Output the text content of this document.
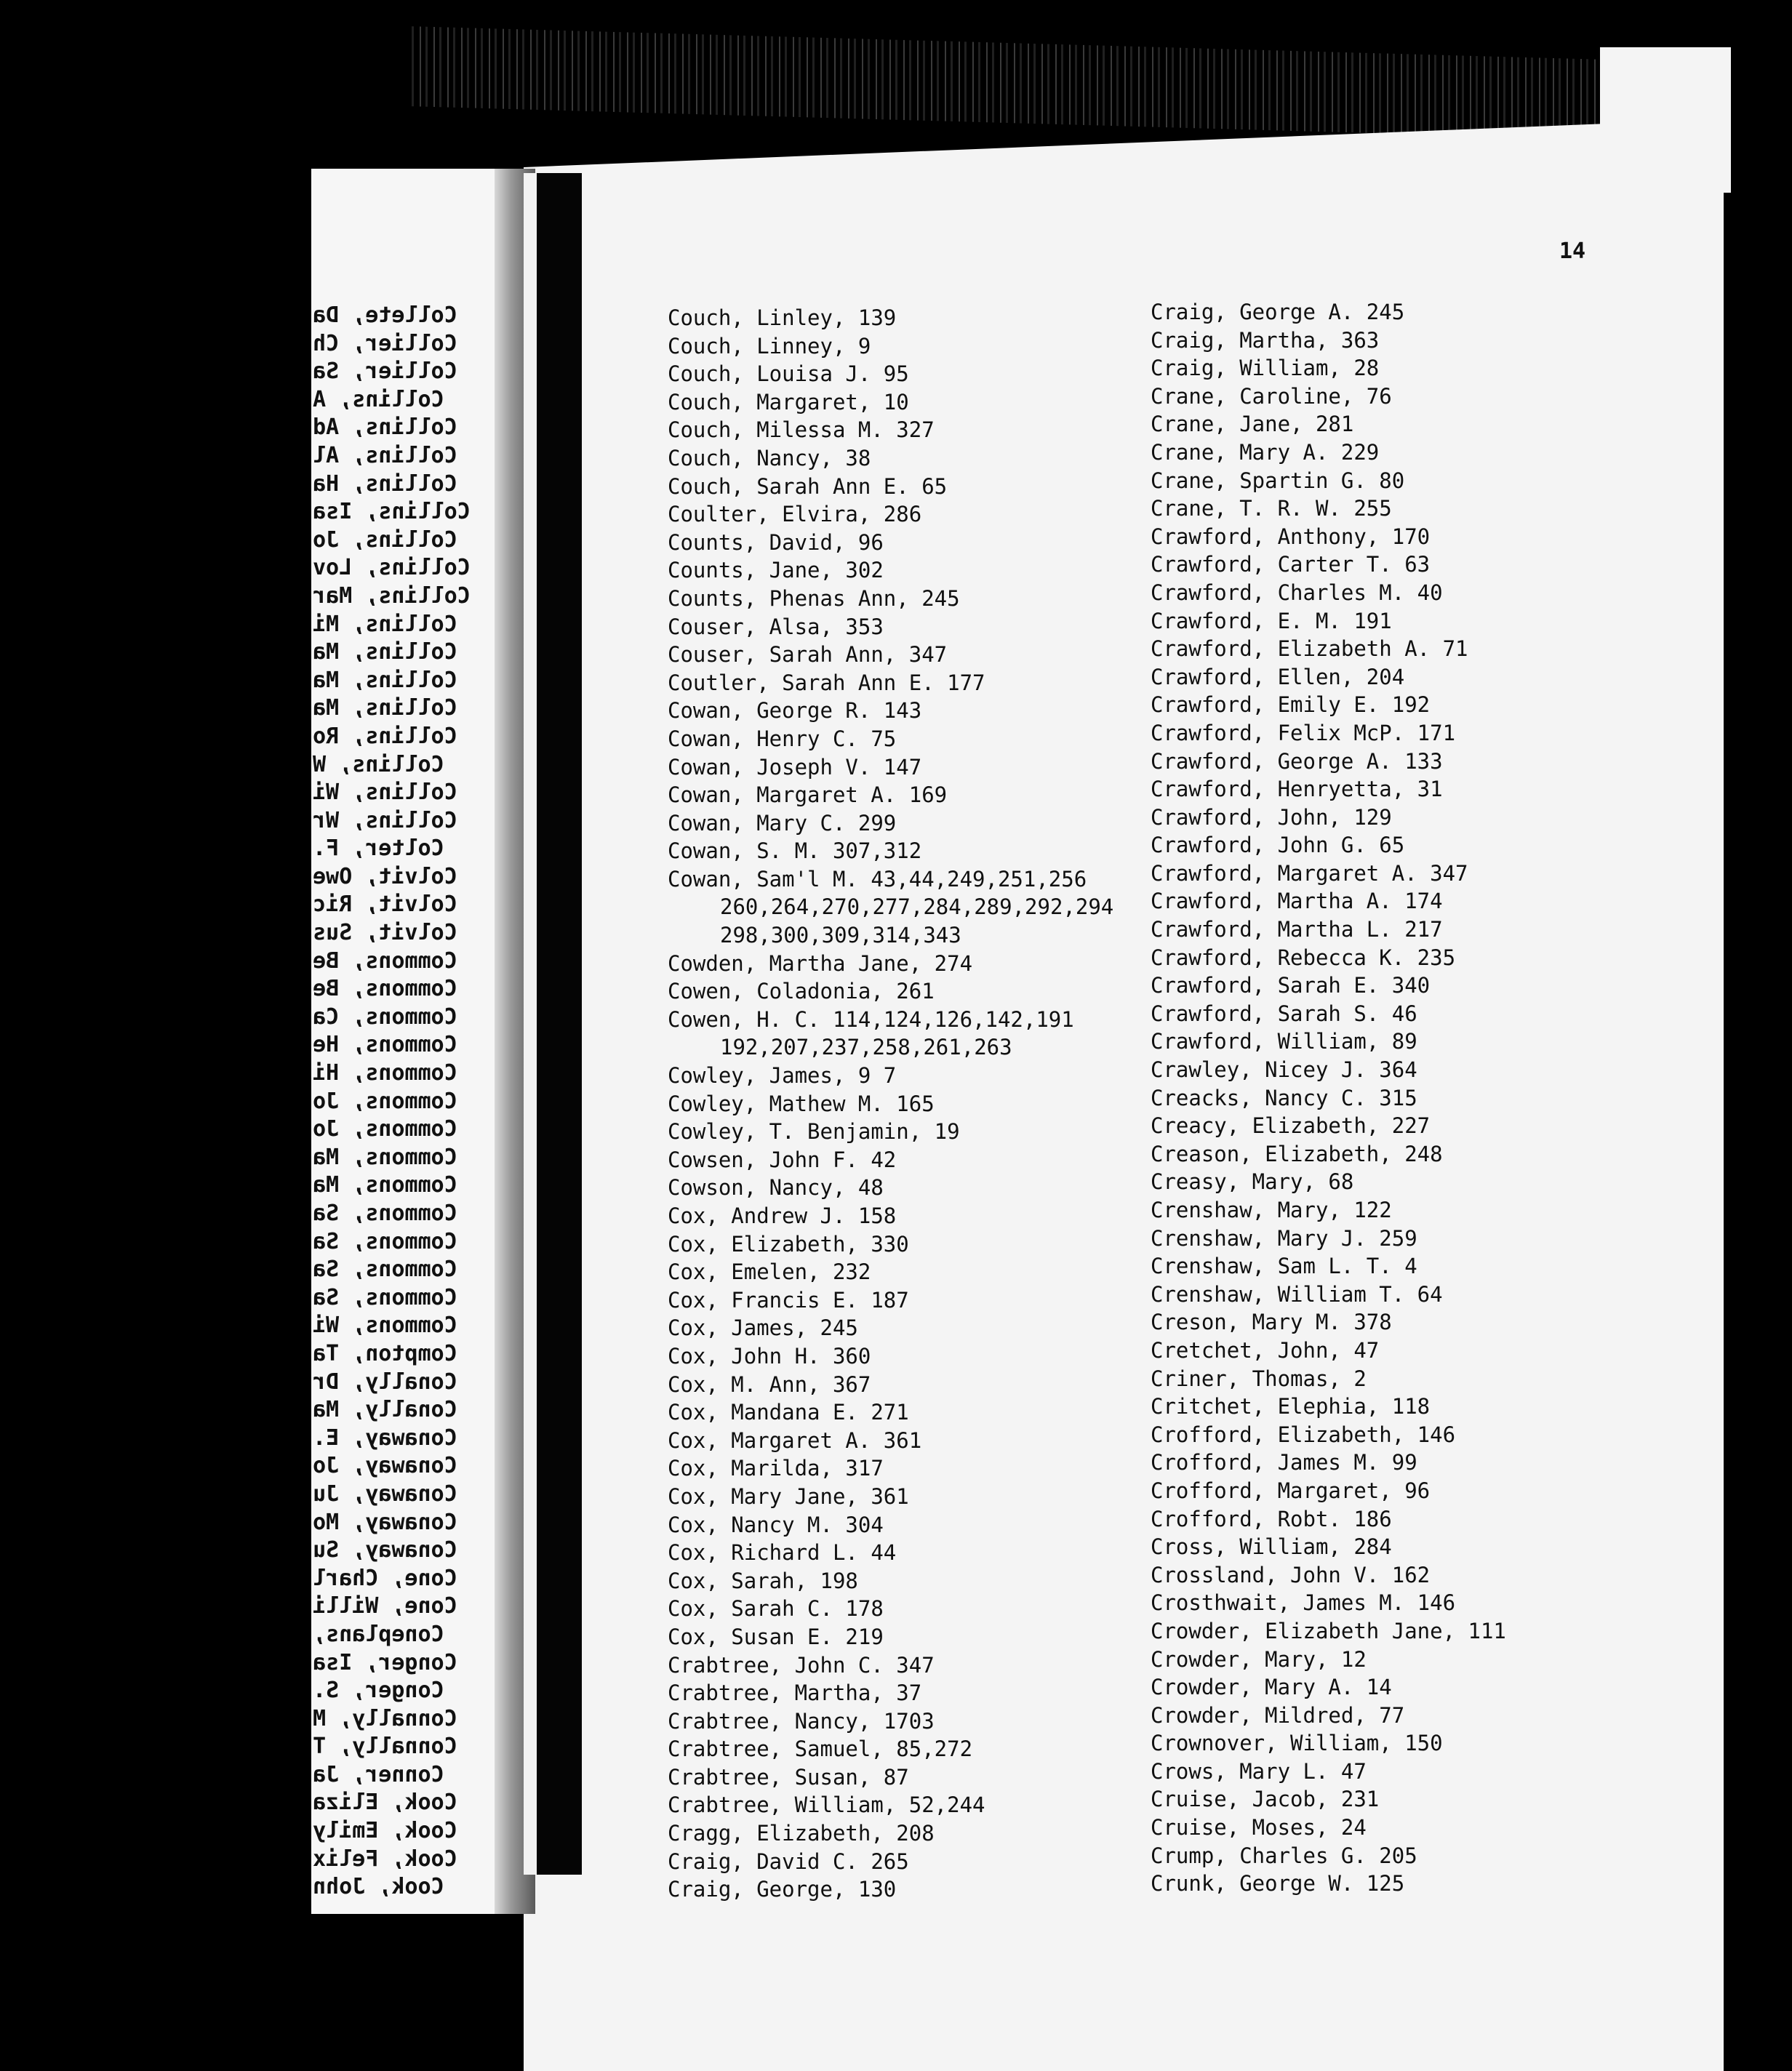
Collete, Da
Collier, Ch
Collier, Sa
Collins, A
Collins, Ad
Collins, Al
Collins, Ha
Collins, Isa
Collins, Jo
Collins, Lov
Collins, Mar
Collins, Mi
Collins, Ma
Collins, Ma
Collins, Ma
Collins, Ro
Collins, W
Collins, Wi
Collins, Wr
Colter, F.
Colvit, Owe
Colvit, Ric
Colvit, Sus
Commons, Be
Commons, Be
Commons, Ca
Commons, He
Commons, Hi
Commons, Jo
Commons, Jo
Commons, Ma
Commons, Ma
Commons, Sa
Commons, Sa
Commons, Sa
Commons, Sa
Commons, Wi
Compton, Ta
Conally, Dr
Conally, Ma
Conaway, E.
Conaway, Jo
Conaway, Ju
Conaway, Mo
Conaway, Su
Cone, Charl
Cone, Willi
Coneplans,
Conger, Isa
Conger, S.
Connally, M
Connally, T
Conner, Ja
Cook, Eliza
Cook, Emily
Cook, Felix
Cook, John
14
Couch, Linley, 139
Couch, Linney, 9
Couch, Louisa J. 95
Couch, Margaret, 10
Couch, Milessa M. 327
Couch, Nancy, 38
Couch, Sarah Ann E. 65
Coulter, Elvira, 286
Counts, David, 96
Counts, Jane, 302
Counts, Phenas Ann, 245
Couser, Alsa, 353
Couser, Sarah Ann, 347
Coutler, Sarah Ann E. 177
Cowan, George R. 143
Cowan, Henry C. 75
Cowan, Joseph V. 147
Cowan, Margaret A. 169
Cowan, Mary C. 299
Cowan, S. M. 307,312
Cowan, Sam'l M. 43,44,249,251,256
260,264,270,277,284,289,292,294
298,300,309,314,343
Cowden, Martha Jane, 274
Cowen, Coladonia, 261
Cowen, H. C. 114,124,126,142,191
192,207,237,258,261,263
Cowley, James, 9 7
Cowley, Mathew M. 165
Cowley, T. Benjamin, 19
Cowsen, John F. 42
Cowson, Nancy, 48
Cox, Andrew J. 158
Cox, Elizabeth, 330
Cox, Emelen, 232
Cox, Francis E. 187
Cox, James, 245
Cox, John H. 360
Cox, M. Ann, 367
Cox, Mandana E. 271
Cox, Margaret A. 361
Cox, Marilda, 317
Cox, Mary Jane, 361
Cox, Nancy M. 304
Cox, Richard L. 44
Cox, Sarah, 198
Cox, Sarah C. 178
Cox, Susan E. 219
Crabtree, John C. 347
Crabtree, Martha, 37
Crabtree, Nancy, 1703
Crabtree, Samuel, 85,272
Crabtree, Susan, 87
Crabtree, William, 52,244
Cragg, Elizabeth, 208
Craig, David C. 265
Craig, George, 130
Craig, George A. 245
Craig, Martha, 363
Craig, William, 28
Crane, Caroline, 76
Crane, Jane, 281
Crane, Mary A. 229
Crane, Spartin G. 80
Crane, T. R. W. 255
Crawford, Anthony, 170
Crawford, Carter T. 63
Crawford, Charles M. 40
Crawford, E. M. 191
Crawford, Elizabeth A. 71
Crawford, Ellen, 204
Crawford, Emily E. 192
Crawford, Felix McP. 171
Crawford, George A. 133
Crawford, Henryetta, 31
Crawford, John, 129
Crawford, John G. 65
Crawford, Margaret A. 347
Crawford, Martha A. 174
Crawford, Martha L. 217
Crawford, Rebecca K. 235
Crawford, Sarah E. 340
Crawford, Sarah S. 46
Crawford, William, 89
Crawley, Nicey J. 364
Creacks, Nancy C. 315
Creacy, Elizabeth, 227
Creason, Elizabeth, 248
Creasy, Mary, 68
Crenshaw, Mary, 122
Crenshaw, Mary J. 259
Crenshaw, Sam L. T. 4
Crenshaw, William T. 64
Creson, Mary M. 378
Cretchet, John, 47
Criner, Thomas, 2
Critchet, Elephia, 118
Crofford, Elizabeth, 146
Crofford, James M. 99
Crofford, Margaret, 96
Crofford, Robt. 186
Cross, William, 284
Crossland, John V. 162
Crosthwait, James M. 146
Crowder, Elizabeth Jane, 111
Crowder, Mary, 12
Crowder, Mary A. 14
Crowder, Mildred, 77
Crownover, William, 150
Crows, Mary L. 47
Cruise, Jacob, 231
Cruise, Moses, 24
Crump, Charles G. 205
Crunk, George W. 125
